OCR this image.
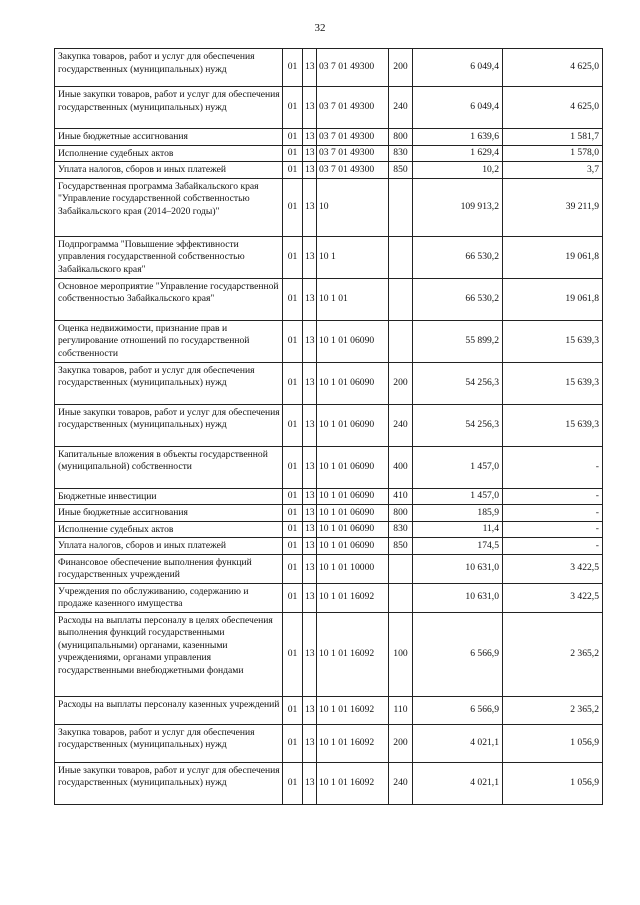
32
Закупка товаров, работ и услуг для обеспечения государственных (муниципальных) нужд	01	13	03 7 01 49300	200	6 049,4	4 625,0
Иные закупки товаров, работ и услуг для обеспечения государственных (муниципальных) нужд	01	13	03 7 01 49300	240	6 049,4	4 625,0
Иные бюджетные ассигнования	01	13	03 7 01 49300	800	1 639,6	1 581,7
Исполнение судебных актов	01	13	03 7 01 49300	830	1 629,4	1 578,0
Уплата налогов, сборов и иных платежей	01	13	03 7 01 49300	850	10,2	3,7
Государственная программа Забайкальского края "Управление государственной собственностью Забайкальского края (2014–2020 годы)"	01	13	10		109 913,2	39 211,9
Подпрограмма "Повышение эффективности управления государственной собственностью Забайкальского края"	01	13	10 1		66 530,2	19 061,8
Основное мероприятие "Управление государственной собственностью Забайкальского края"	01	13	10 1 01		66 530,2	19 061,8
Оценка недвижимости, признание прав и регулирование отношений по государственной собственности	01	13	10 1 01 06090		55 899,2	15 639,3
Закупка товаров, работ и услуг для обеспечения государственных (муниципальных) нужд	01	13	10 1 01 06090	200	54 256,3	15 639,3
Иные закупки товаров, работ и услуг для обеспечения государственных (муниципальных) нужд	01	13	10 1 01 06090	240	54 256,3	15 639,3
Капитальные вложения в объекты государственной (муниципальной) собственности	01	13	10 1 01 06090	400	1 457,0	-
Бюджетные инвестиции	01	13	10 1 01 06090	410	1 457,0	-
Иные бюджетные ассигнования	01	13	10 1 01 06090	800	185,9	-
Исполнение судебных актов	01	13	10 1 01 06090	830	11,4	-
Уплата налогов, сборов и иных платежей	01	13	10 1 01 06090	850	174,5	-
Финансовое обеспечение выполнения функций государственных учреждений	01	13	10 1 01 10000		10 631,0	3 422,5
Учреждения по обслуживанию, содержанию и продаже казенного имущества	01	13	10 1 01 16092		10 631,0	3 422,5
Расходы на выплаты персоналу в целях обеспечения выполнения функций государственными (муниципальными) органами, казенными учреждениями, органами управления государственными внебюджетными фондами	01	13	10 1 01 16092	100	6 566,9	2 365,2
Расходы на выплаты персоналу казенных учреждений	01	13	10 1 01 16092	110	6 566,9	2 365,2
Закупка товаров, работ и услуг для обеспечения государственных (муниципальных) нужд	01	13	10 1 01 16092	200	4 021,1	1 056,9
Иные закупки товаров, работ и услуг для обеспечения государственных (муниципальных) нужд	01	13	10 1 01 16092	240	4 021,1	1 056,9
